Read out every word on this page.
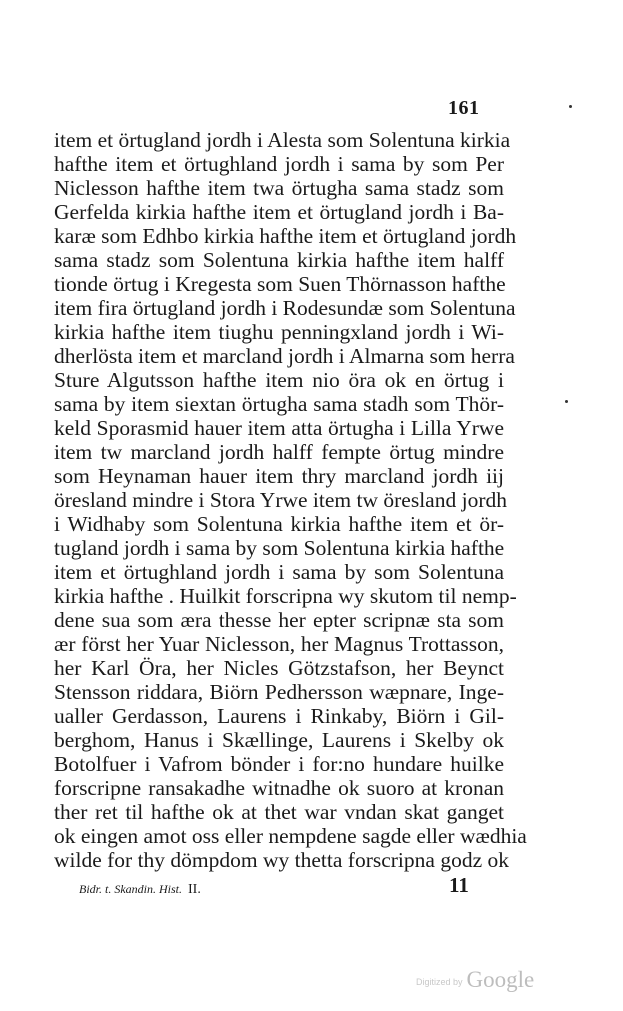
161
item et örtugland jordh i Alesta som Solentuna kirkia
hafthe item et örtughland jordh i sama by som Per
Niclesson hafthe item twa örtugha sama stadz som
Gerfelda kirkia hafthe item et örtugland jordh i Ba-
karæ som Edhbo kirkia hafthe item et örtugland jordh
sama stadz som Solentuna kirkia hafthe item halff
tionde örtug i Kregesta som Suen Thörnasson hafthe
item fira örtugland jordh i Rodesundæ som Solentuna
kirkia hafthe item tiughu penningxland jordh i Wi-
dherlösta item et marcland jordh i Almarna som herra
Sture Algutsson hafthe item nio öra ok en örtug i
sama by item siextan örtugha sama stadh som Thör-
keld Sporasmid hauer item atta örtugha i Lilla Yrwe
item tw marcland jordh halff fempte örtug mindre
som Heynaman hauer item thry marcland jordh iij
öresland mindre i Stora Yrwe item tw öresland jordh
i Widhaby som Solentuna kirkia hafthe item et ör-
tugland jordh i sama by som Solentuna kirkia hafthe
item et örtughland jordh i sama by som Solentuna
kirkia hafthe . Huilkit forscripna wy skutom til nemp-
dene sua som æra thesse her epter scripnæ sta som
ær först her Yuar Niclesson, her Magnus Trottasson,
her Karl Öra, her Nicles Götzstafson, her Beynct
Stensson riddara, Biörn Pedhersson wæpnare, Inge-
ualler Gerdasson, Laurens i Rinkaby, Biörn i Gil-
berghom, Hanus i Skællinge, Laurens i Skelby ok
Botolfuer i Vafrom bönder i for:no hundare huilke
forscripne ransakadhe witnadhe ok suoro at kronan
ther ret til hafthe ok at thet war vndan skat ganget
ok eingen amot oss eller nempdene sagde eller wædhia
wilde for thy dömpdom wy thetta forscripna godz ok
Bidr. t. Skandin. Hist. II.	11
Digitized by Google
